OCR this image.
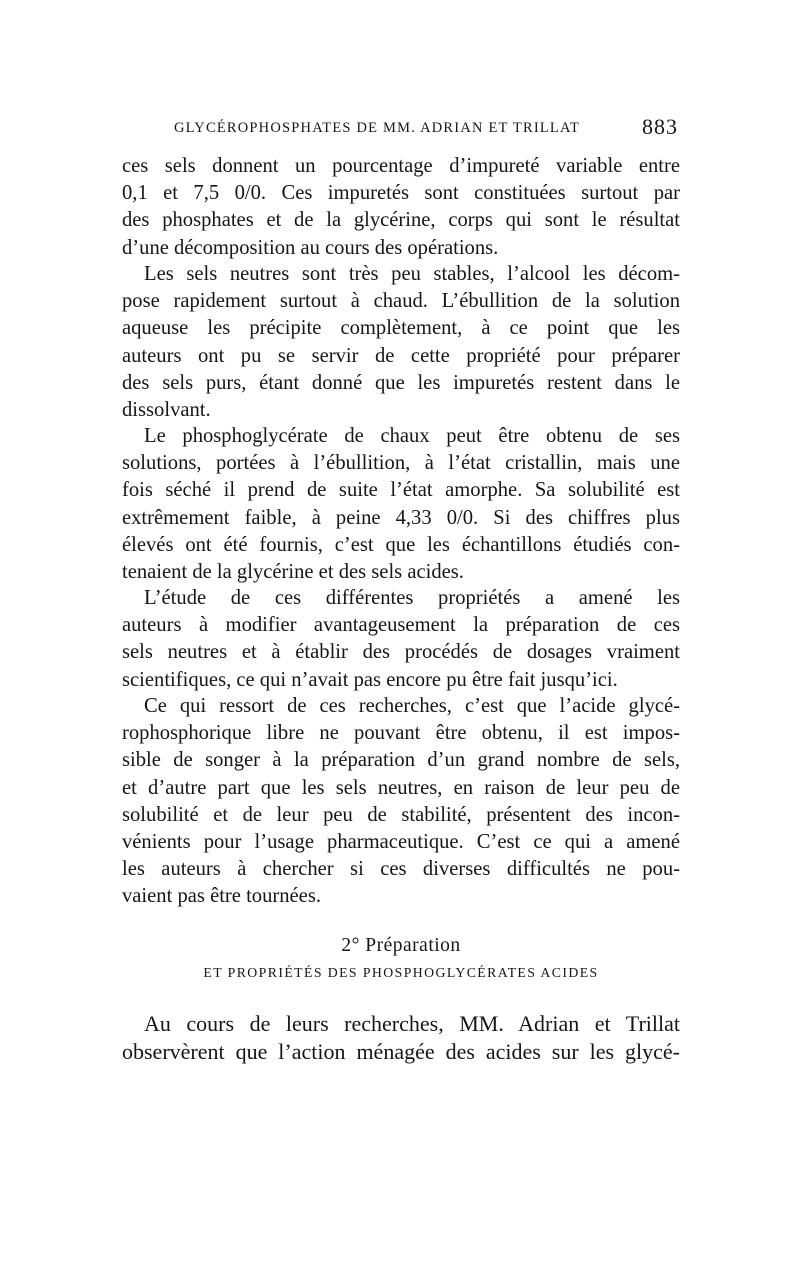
GLYCÉROPHOSPHATES DE MM. ADRIAN ET TRILLAT	883
ces sels donnent un pourcentage d’impureté variable entre
0,1 et 7,5 0/0. Ces impuretés sont constituées surtout par
des phosphates et de la glycérine, corps qui sont le résultat
d’une décomposition au cours des opérations.
Les sels neutres sont très peu stables, l’alcool les décom-
pose rapidement surtout à chaud. L’ébullition de la solution
aqueuse les précipite complètement, à ce point que les
auteurs ont pu se servir de cette propriété pour préparer
des sels purs, étant donné que les impuretés restent dans le
dissolvant.
Le phosphoglycérate de chaux peut être obtenu de ses
solutions, portées à l’ébullition, à l’état cristallin, mais une
fois séché il prend de suite l’état amorphe. Sa solubilité est
extrêmement faible, à peine 4,33 0/0. Si des chiffres plus
élevés ont été fournis, c’est que les échantillons étudiés con-
tenaient de la glycérine et des sels acides.
L’étude de ces différentes propriétés a amené les
auteurs à modifier avantageusement la préparation de ces
sels neutres et à établir des procédés de dosages vraiment
scientifiques, ce qui n’avait pas encore pu être fait jusqu’ici.
Ce qui ressort de ces recherches, c’est que l’acide glycé-
rophosphorique libre ne pouvant être obtenu, il est impos-
sible de songer à la préparation d’un grand nombre de sels,
et d’autre part que les sels neutres, en raison de leur peu de
solubilité et de leur peu de stabilité, présentent des incon-
vénients pour l’usage pharmaceutique. C’est ce qui a amené
les auteurs à chercher si ces diverses difficultés ne pou-
vaient pas être tournées.
2° Préparation
ET PROPRIÉTÉS DES PHOSPHOGLYCÉRATES ACIDES
Au cours de leurs recherches, MM. Adrian et Trillat
observèrent que l’action ménagée des acides sur les glycé-
